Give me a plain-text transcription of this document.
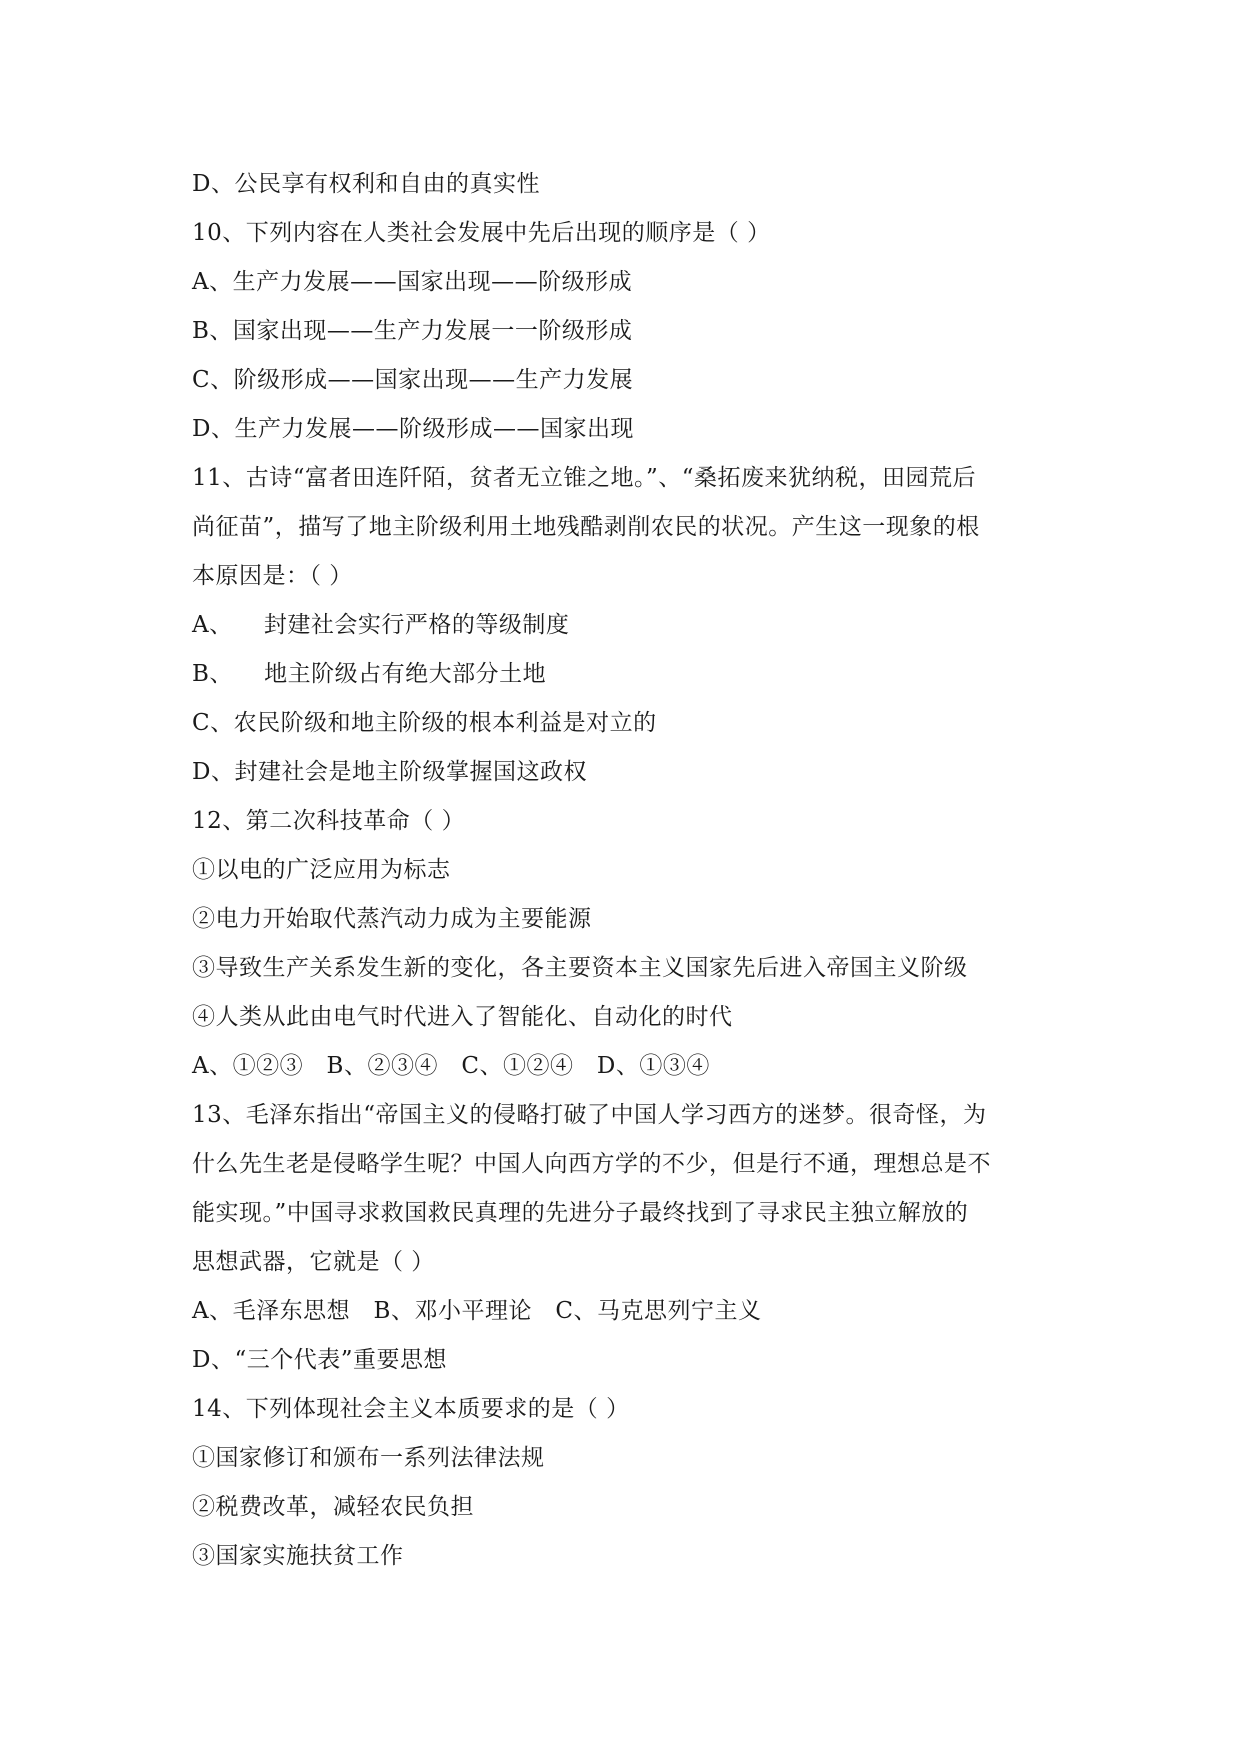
D、公民享有权利和自由的真实性
10、下列内容在人类社会发展中先后出现的顺序是（ ）
A、生产力发展——国家出现——阶级形成
B、国家出现——生产力发展一一阶级形成
C、阶级形成——国家出现——生产力发展
D、生产力发展——阶级形成——国家出现
11、古诗“富者田连阡陌，贫者无立锥之地。”、“桑拓废来犹纳税，田园荒后
尚征苗”，描写了地主阶级利用土地残酷剥削农民的状况。产生这一现象的根
本原因是：（ ）
A、    封建社会实行严格的等级制度
B、    地主阶级占有绝大部分土地
C、农民阶级和地主阶级的根本利益是对立的
D、封建社会是地主阶级掌握国这政权
12、第二次科技革命（ ）
①以电的广泛应用为标志
②电力开始取代蒸汽动力成为主要能源
③导致生产关系发生新的变化，各主要资本主义国家先后进入帝国主义阶级
④人类从此由电气时代进入了智能化、自动化的时代
A、①②③   B、②③④   C、①②④   D、①③④
13、毛泽东指出“帝国主义的侵略打破了中国人学习西方的迷梦。很奇怪，为
什么先生老是侵略学生呢？中国人向西方学的不少，但是行不通，理想总是不
能实现。”中国寻求救国救民真理的先进分子最终找到了寻求民主独立解放的
思想武器，它就是（ ）
A、毛泽东思想   B、邓小平理论   C、马克思列宁主义
D、“三个代表”重要思想
14、下列体现社会主义本质要求的是（ ）
①国家修订和颁布一系列法律法规
②税费改革，减轻农民负担
③国家实施扶贫工作
